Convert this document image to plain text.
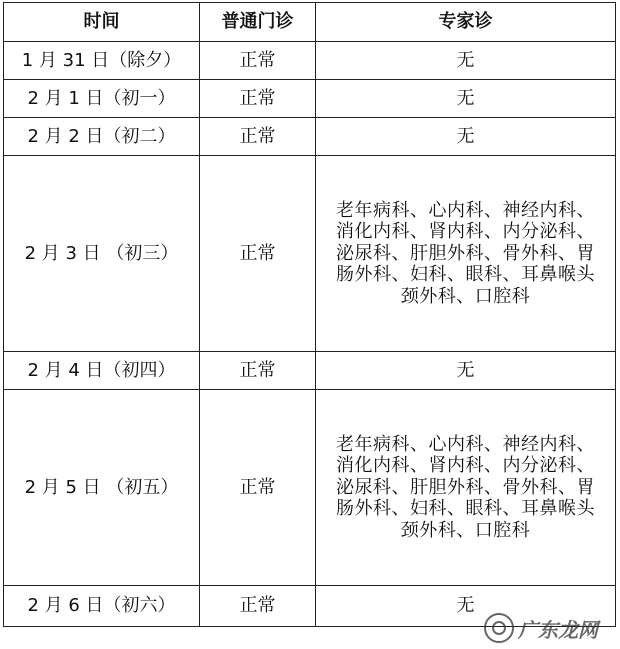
时间	普通门诊	专家诊
1 月 31 日（除夕）	正常	无
2 月 1 日（初一）	正常	无
2 月 2 日（初二）	正常	无
2 月 3 日 （初三）	正常	老年病科、心内科、神经内科、
消化内科、肾内科、内分泌科、
泌尿科、肝胆外科、骨外科、胃
肠外科、妇科、眼科、耳鼻喉头
颈外科、口腔科

2 月 4 日（初四）	正常	无
2 月 5 日 （初五）	正常	老年病科、心内科、神经内科、
消化内科、肾内科、内分泌科、
泌尿科、肝胆外科、骨外科、胃
肠外科、妇科、眼科、耳鼻喉头
颈外科、口腔科

2 月 6 日（初六）	正常	无
广东龙网
